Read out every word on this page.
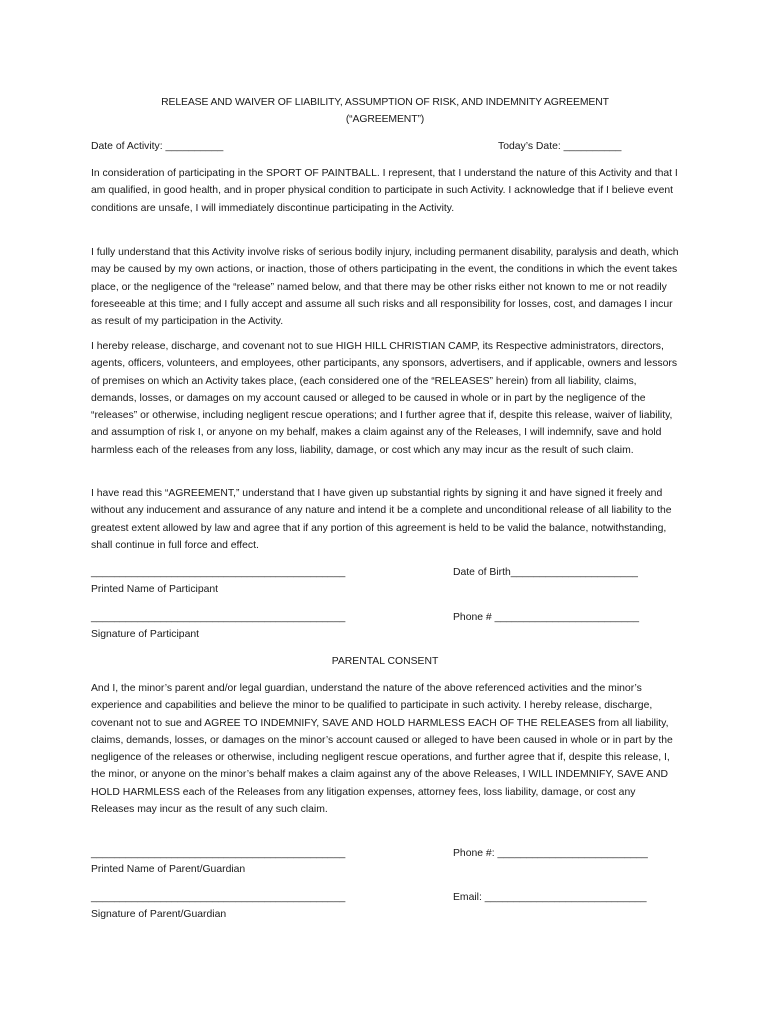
RELEASE AND WAIVER OF LIABILITY, ASSUMPTION OF RISK, AND INDEMNITY AGREEMENT
(“AGREEMENT”)
Date of Activity: __________	Today’s Date: __________

In consideration of participating in the SPORT OF PAINTBALL. I represent, that I understand the nature of this Activity and that I am qualified, in good health, and in proper physical condition to participate in such Activity. I acknowledge that if I believe event conditions are unsafe, I will immediately discontinue participating in the Activity.

I fully understand that this Activity involve risks of serious bodily injury, including permanent disability, paralysis and death, which may be caused by my own actions, or inaction, those of others participating in the event, the conditions in which the event takes place, or the negligence of the “release” named below, and that there may be other risks either not known to me or not readily foreseeable at this time; and I fully accept and assume all such risks and all responsibility for losses, cost, and damages I incur as result of my participation in the Activity.

I hereby release, discharge, and covenant not to sue HIGH HILL CHRISTIAN CAMP, its Respective administrators, directors, agents, officers, volunteers, and employees, other participants, any sponsors, advertisers, and if applicable, owners and lessors of premises on which an Activity takes place, (each considered one of the “RELEASES” herein) from all liability, claims, demands, losses, or damages on my account caused or alleged to be caused in whole or in part by the negligence of the “releases” or otherwise, including negligent rescue operations; and I further agree that if, despite this release, waiver of liability, and assumption of risk I, or anyone on my behalf, makes a claim against any of the Releases, I will indemnify, save and hold harmless each of the releases from any loss, liability, damage, or cost which any may incur as the result of such claim.

I have read this “AGREEMENT,” understand that I have given up substantial rights by signing it and have signed it freely and without any inducement and assurance of any nature and intend it be a complete and unconditional release of all liability to the greatest extent allowed by law and agree that if any portion of this agreement is held to be valid the balance, notwithstanding, shall continue in full force and effect.

____________________________________________	Date of Birth______________________
Printed Name of Participant
____________________________________________	Phone # _________________________
Signature of Participant
PARENTAL CONSENT

And I, the minor’s parent and/or legal guardian, understand the nature of the above referenced activities and the minor’s experience and capabilities and believe the minor to be qualified to participate in such activity. I hereby release, discharge, covenant not to sue and AGREE TO INDEMNIFY, SAVE AND HOLD HARMLESS EACH OF THE RELEASES from all liability, claims, demands, losses, or damages on the minor’s account caused or alleged to have been caused in whole or in part by the negligence of the releases or otherwise, including negligent rescue operations, and further agree that if, despite this release, I, the minor, or anyone on the minor’s behalf makes a claim against any of the above Releases, I WILL INDEMNIFY, SAVE AND HOLD HARMLESS each of the Releases from any litigation expenses, attorney fees, loss liability, damage, or cost any Releases may incur as the result of any such claim.

____________________________________________	Phone #: __________________________
Printed Name of Parent/Guardian
____________________________________________	Email: ____________________________
Signature of Parent/Guardian
